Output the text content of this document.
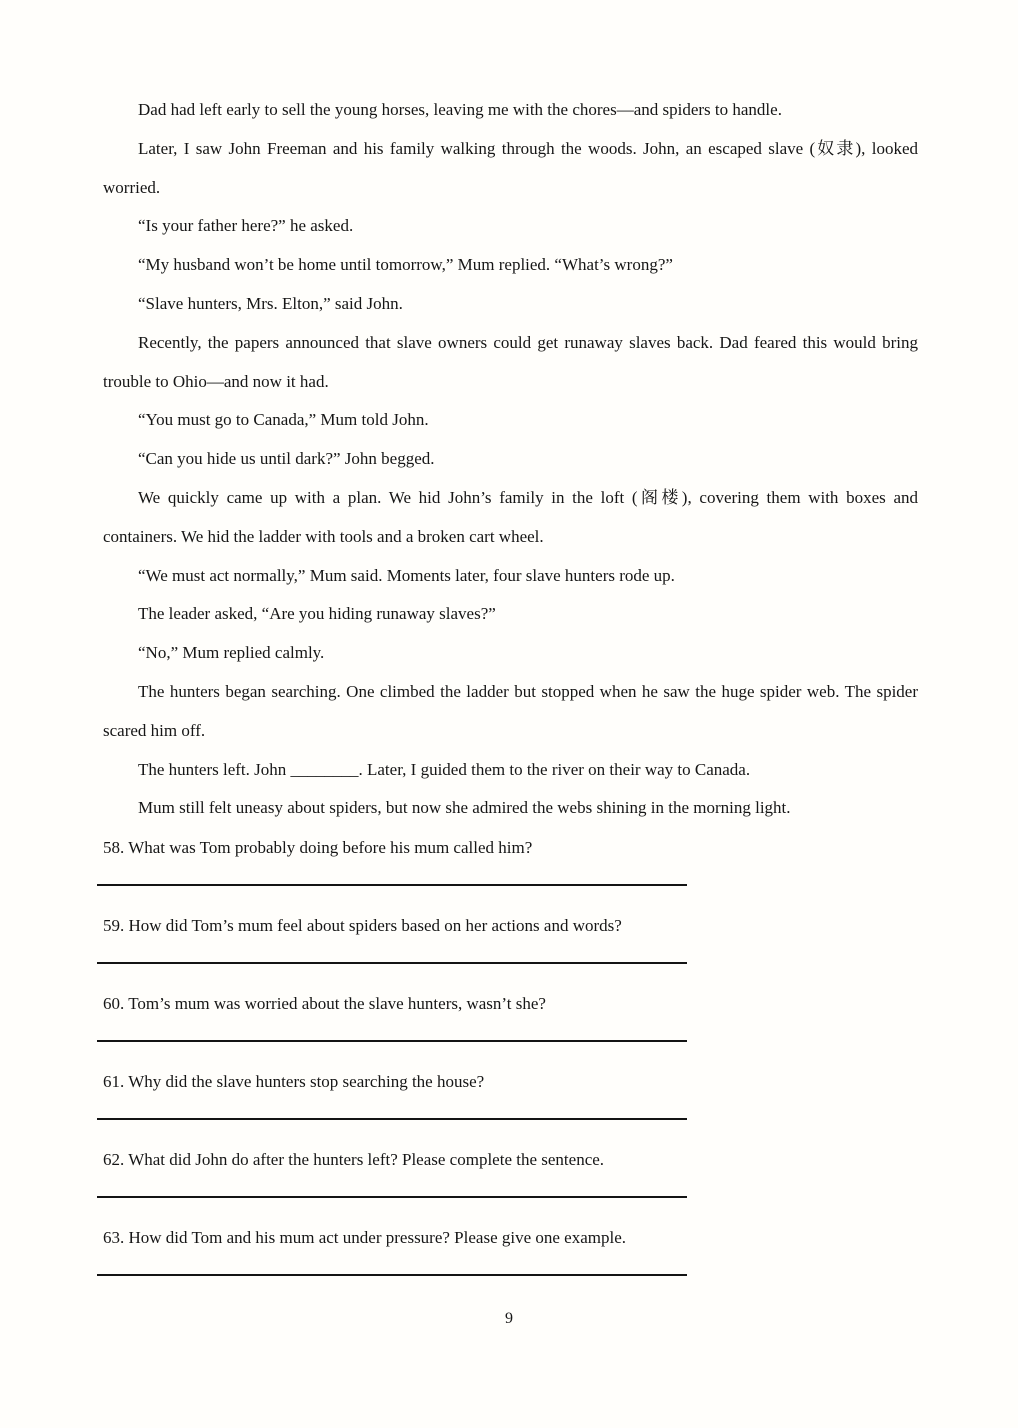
Dad had left early to sell the young horses, leaving me with the chores—and spiders to handle.

Later, I saw John Freeman and his family walking through the woods. John, an escaped slave (奴隶), looked worried.

“Is your father here?” he asked.

“My husband won’t be home until tomorrow,” Mum replied. “What’s wrong?”

“Slave hunters, Mrs. Elton,” said John.

Recently, the papers announced that slave owners could get runaway slaves back. Dad feared this would bring trouble to Ohio—and now it had.

“You must go to Canada,” Mum told John.

“Can you hide us until dark?” John begged.

We quickly came up with a plan. We hid John’s family in the loft (阁楼), covering them with boxes and containers. We hid the ladder with tools and a broken cart wheel.

“We must act normally,” Mum said. Moments later, four slave hunters rode up.

The leader asked, “Are you hiding runaway slaves?”

“No,” Mum replied calmly.

The hunters began searching. One climbed the ladder but stopped when he saw the huge spider web. The spider scared him off.

The hunters left. John ________. Later, I guided them to the river on their way to Canada.

Mum still felt uneasy about spiders, but now she admired the webs shining in the morning light.

58. What was Tom probably doing before his mum called him?

59. How did Tom’s mum feel about spiders based on her actions and words?

60. Tom’s mum was worried about the slave hunters, wasn’t she?

61. Why did the slave hunters stop searching the house?

62. What did John do after the hunters left? Please complete the sentence.

63. How did Tom and his mum act under pressure? Please give one example.

9
